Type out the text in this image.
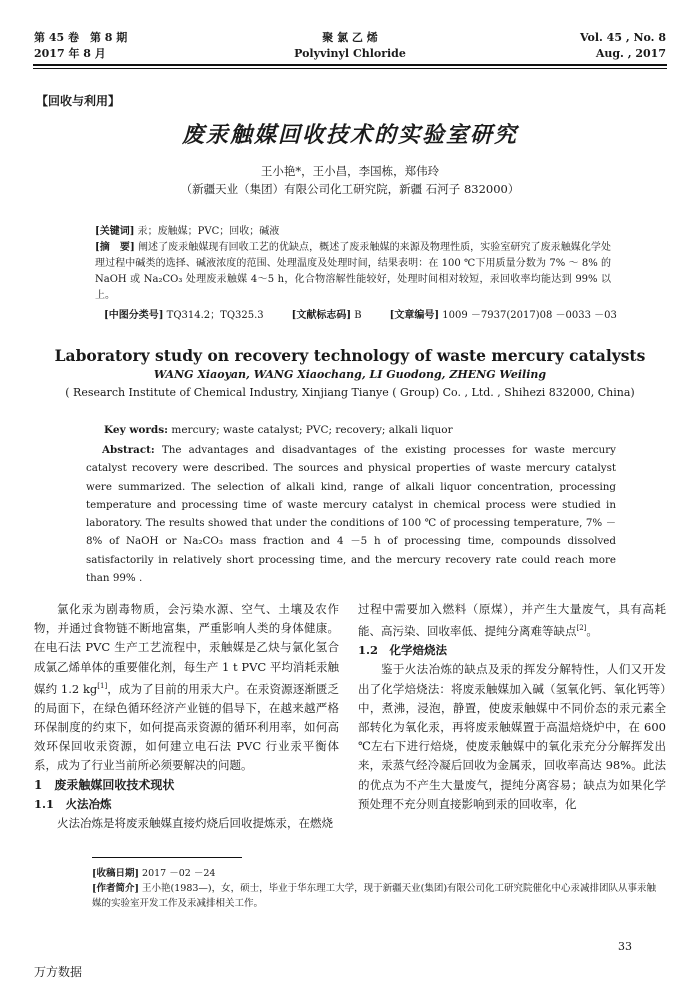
第 45 卷　第 8 期
2017 年 8 月
聚 氯 乙 烯
Polyvinyl Chloride
Vol. 45 , No. 8
Aug. , 2017
【回收与利用】
废汞触媒回收技术的实验室研究
王小艳*，王小昌，李国栋，郑伟玲
（新疆天业（集团）有限公司化工研究院，新疆 石河子 832000）
[关键词] 汞；废触媒；PVC；回收；碱液
[摘　要] 阐述了废汞触媒现有回收工艺的优缺点，概述了废汞触媒的来源及物理性质，实验室研究了废汞触媒化学处理过程中碱类的选择、碱液浓度的范围、处理温度及处理时间，结果表明：在 100 ℃下用质量分数为 7% ～ 8% 的 NaOH 或 Na₂CO₃ 处理废汞触媒 4～5 h，化合物溶解性能较好，处理时间相对较短，汞回收率均能达到 99% 以上。
[中图分类号] TQ314.2；TQ325.3	[文献标志码] B	[文章编号] 1009 －7937(2017)08 －0033 －03
Laboratory study on recovery technology of waste mercury catalysts
WANG Xiaoyan, WANG Xiaochang, LI Guodong, ZHENG Weiling
( Research Institute of Chemical Industry, Xinjiang Tianye ( Group) Co. , Ltd. , Shihezi 832000, China)
Key words: mercury; waste catalyst; PVC; recovery; alkali liquor
Abstract: The advantages and disadvantages of the existing processes for waste mercury catalyst recovery were described. The sources and physical properties of waste mercury catalyst were summarized. The selection of alkali kind, range of alkali liquor concentration, processing temperature and processing time of waste mercury catalyst in chemical process were studied in laboratory. The results showed that under the conditions of 100 ℃ of processing temperature, 7% －8% of NaOH or Na₂CO₃ mass fraction and 4 －5 h of processing time, compounds dissolved satisfactorily in relatively short processing time, and the mercury recovery rate could reach more than 99% .

氯化汞为剧毒物质，会污染水源、空气、土壤及农作物，并通过食物链不断地富集，严重影响人类的身体健康。在电石法 PVC 生产工艺流程中，汞触媒是乙炔与氯化氢合成氯乙烯单体的重要催化剂，每生产 1 t PVC 平均消耗汞触媒约 1.2 kg[1]，成为了目前的用汞大户。在汞资源逐渐匮乏的局面下，在绿色循环经济产业链的倡导下，在越来越严格环保制度的约束下，如何提高汞资源的循环利用率，如何高效环保回收汞资源，如何建立电石法 PVC 行业汞平衡体系，成为了行业当前所必须要解决的问题。

1　废汞触媒回收技术现状
1.1　火法冶炼

火法冶炼是将废汞触媒直接灼烧后回收提炼汞，在燃烧

过程中需要加入燃料（原煤），并产生大量废气，具有高耗能、高污染、回收率低、提纯分离难等缺点[2]。

1.2　化学焙烧法

鉴于火法冶炼的缺点及汞的挥发分解特性，人们又开发出了化学焙烧法：将废汞触媒加入碱（氢氧化钙、氧化钙等）中，煮沸，浸泡，静置，使废汞触媒中不同价态的汞元素全部转化为氧化汞，再将废汞触媒置于高温焙烧炉中，在 600 ℃左右下进行焙烧，使废汞触媒中的氧化汞充分分解挥发出来，汞蒸气经冷凝后回收为金属汞，回收率高达 98%。此法的优点为不产生大量废气，提纯分离容易；缺点为如果化学预处理不充分则直接影响到汞的回收率，化

[收稿日期] 2017 －02 －24
[作者简介] 王小艳(1983—)，女，硕士，毕业于华东理工大学，现于新疆天业(集团)有限公司化工研究院催化中心汞减排团队从事汞触媒的实验室开发工作及汞减排相关工作。
33
万方数据
